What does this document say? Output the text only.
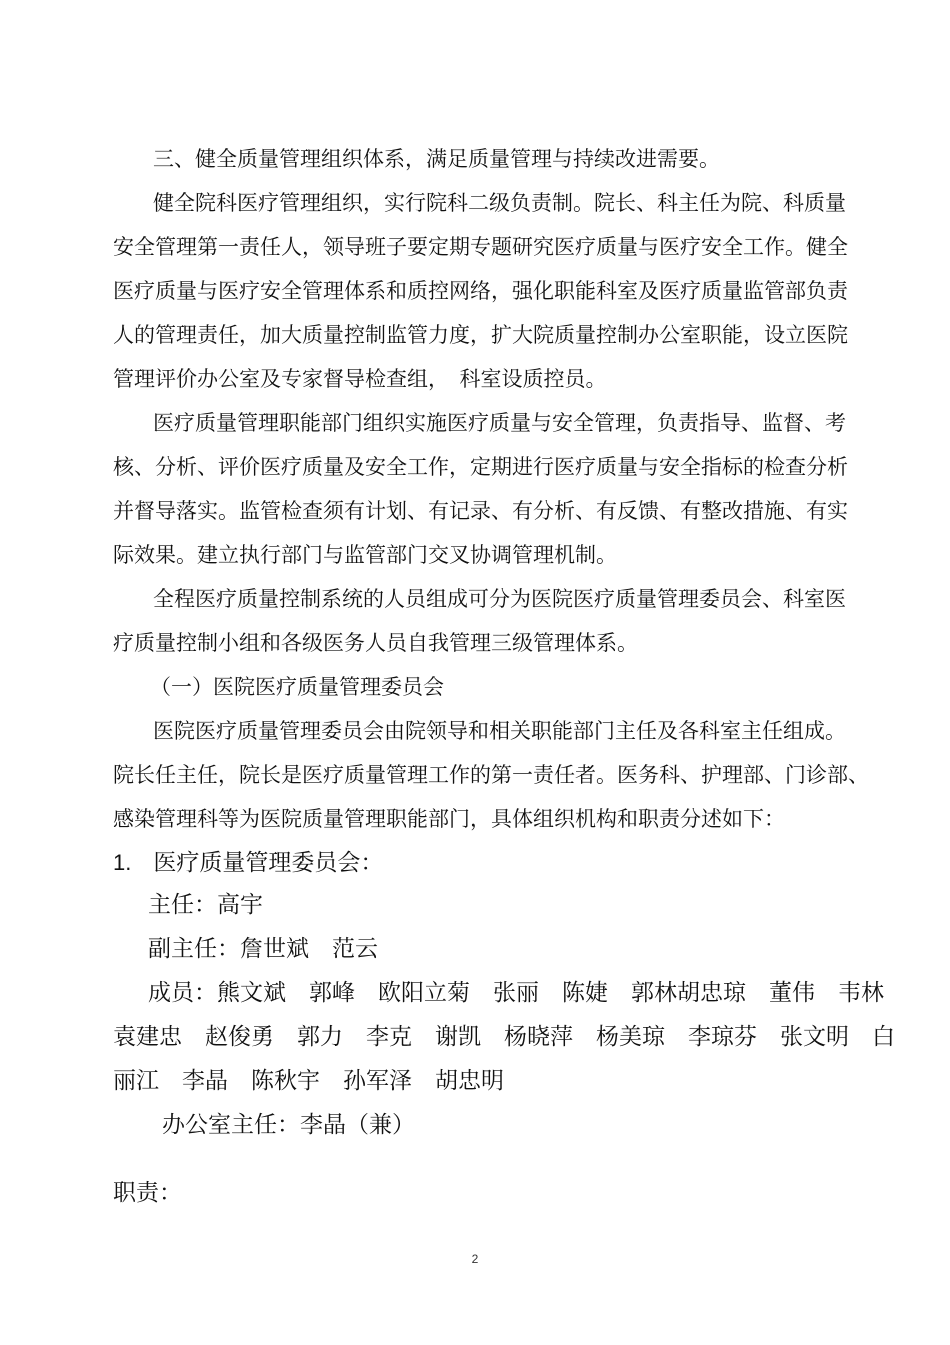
三、健全质量管理组织体系，满足质量管理与持续改进需要。
健全院科医疗管理组织，实行院科二级负责制。院长、科主任为院、科质量
安全管理第一责任人，领导班子要定期专题研究医疗质量与医疗安全工作。健全
医疗质量与医疗安全管理体系和质控网络，强化职能科室及医疗质量监管部负责
人的管理责任，加大质量控制监管力度，扩大院质量控制办公室职能，设立医院
管理评价办公室及专家督导检查组，　科室设质控员。
医疗质量管理职能部门组织实施医疗质量与安全管理，负责指导、监督、考
核、分析、评价医疗质量及安全工作，定期进行医疗质量与安全指标的检查分析
并督导落实。监管检查须有计划、有记录、有分析、有反馈、有整改措施、有实
际效果。建立执行部门与监管部门交叉协调管理机制。
全程医疗质量控制系统的人员组成可分为医院医疗质量管理委员会、科室医
疗质量控制小组和各级医务人员自我管理三级管理体系。
（一）医院医疗质量管理委员会
医院医疗质量管理委员会由院领导和相关职能部门主任及各科室主任组成。
院长任主任，院长是医疗质量管理工作的第一责任者。医务科、护理部、门诊部、
感染管理科等为医院质量管理职能部门，具体组织机构和职责分述如下：
1. 医疗质量管理委员会：
主任：高宇
副主任：詹世斌　范云
成员：熊文斌　郭峰　欧阳立菊　张丽　陈婕　郭林胡忠琼　董伟　韦林
袁建忠　赵俊勇　郭力　李克　谢凯　杨晓萍　杨美琼　李琼芬　张文明　白
丽江　李晶　陈秋宇　孙军泽　胡忠明
办公室主任：李晶（兼）
职责：
2
